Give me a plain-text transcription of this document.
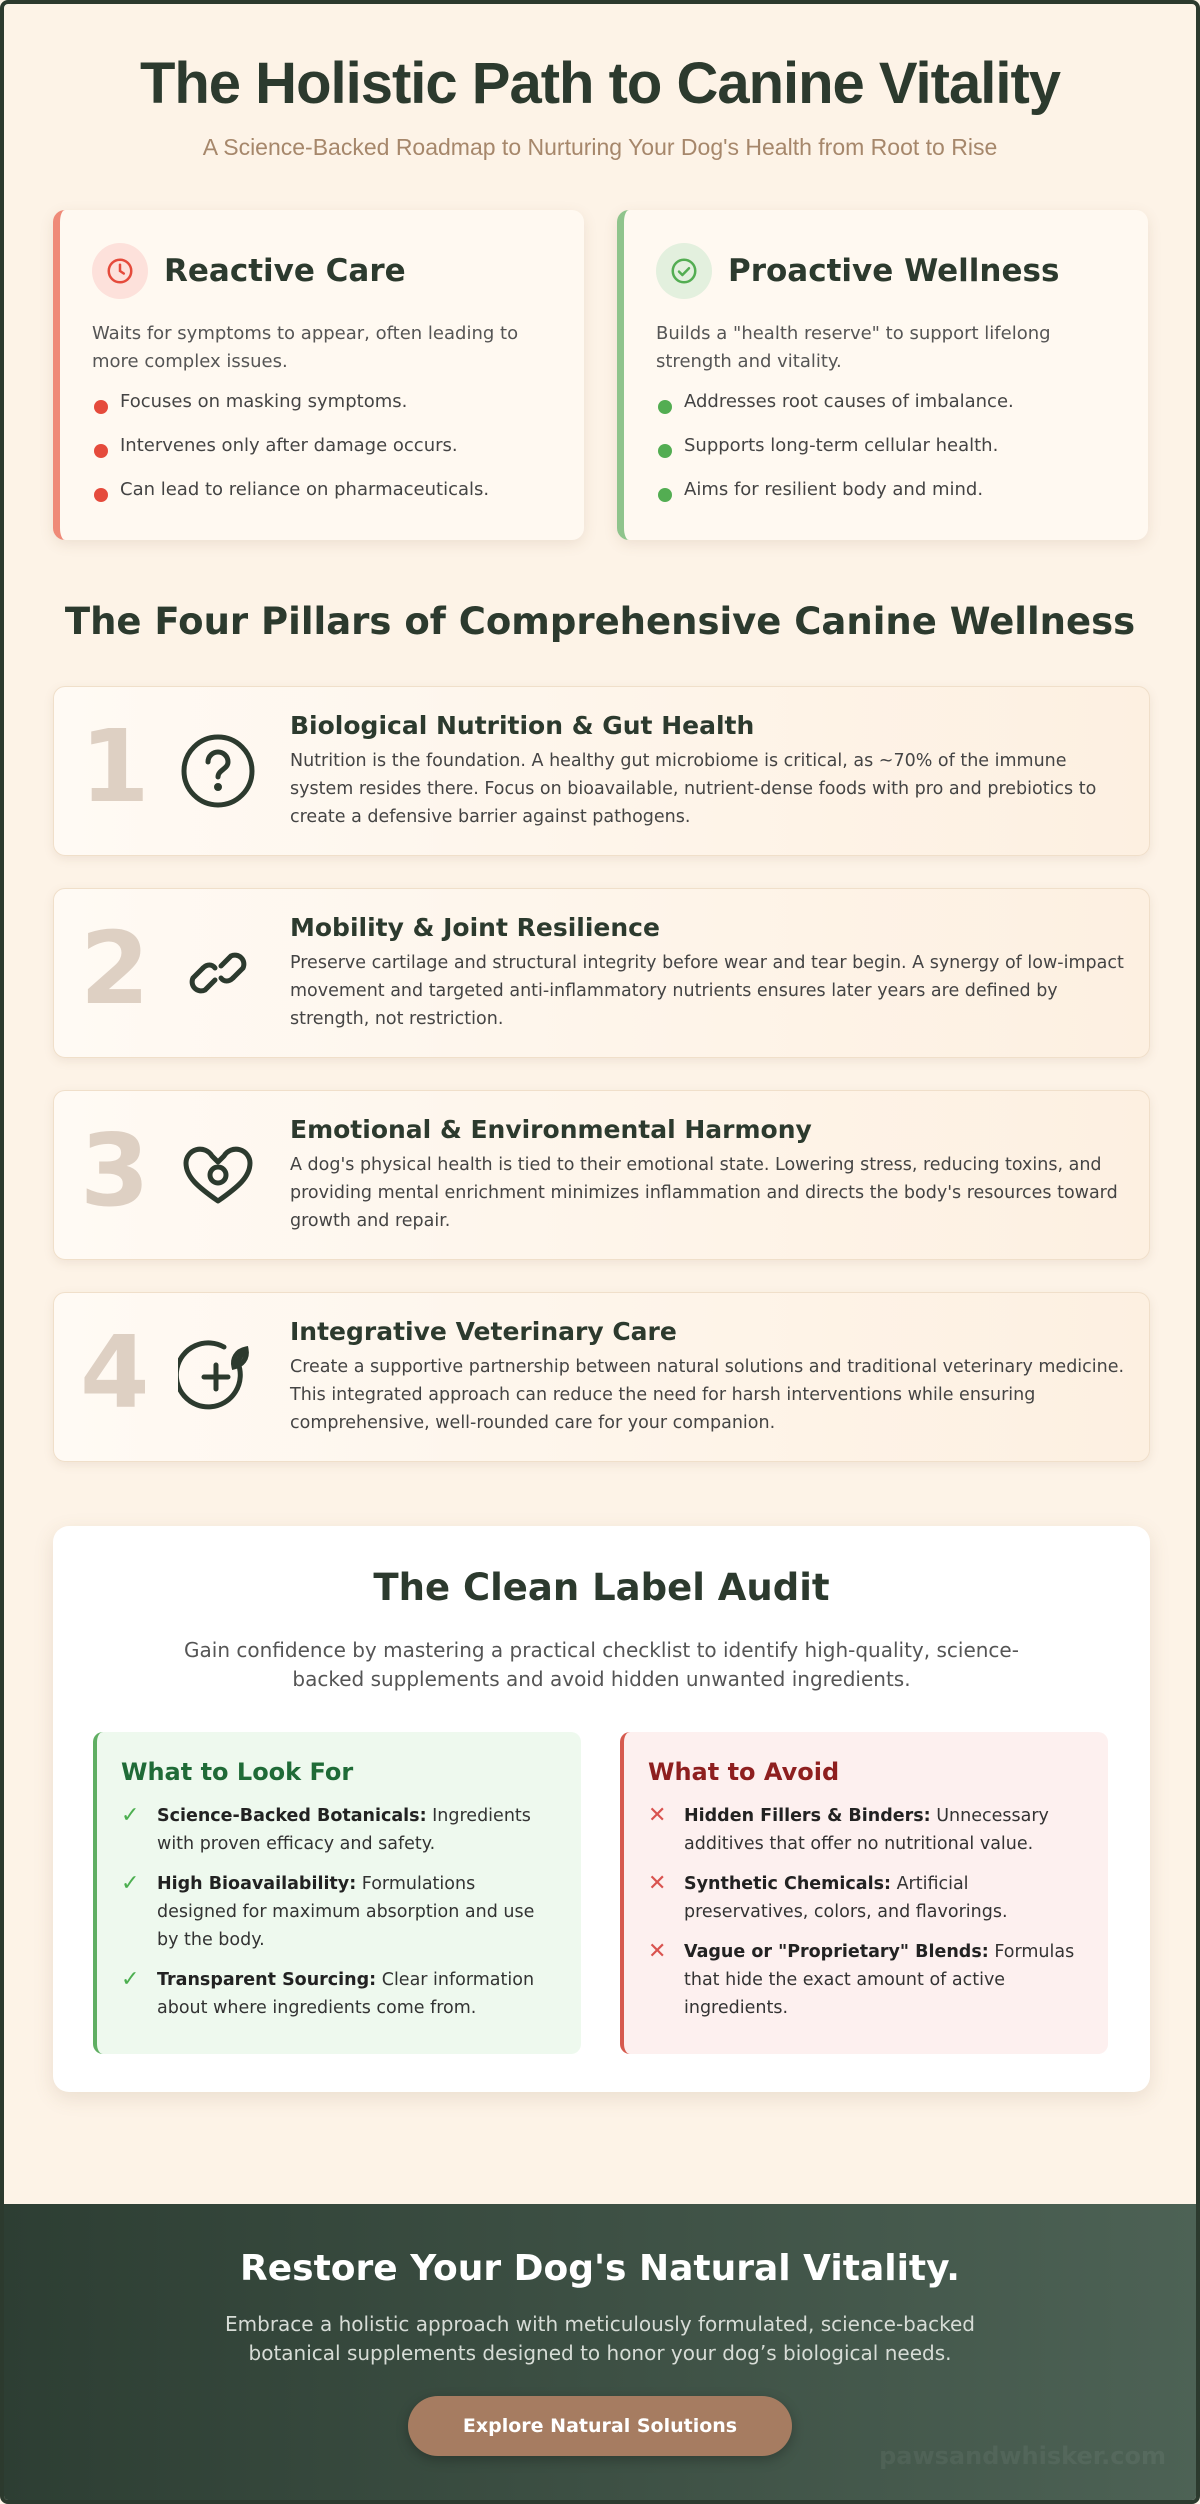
The Holistic Path to Canine Vitality

A Science-Backed Roadmap to Nurturing Your Dog's Health from Root to Rise

Reactive Care

Waits for symptoms to appear, often leading to more complex issues.

Focuses on masking symptoms.
Intervenes only after damage occurs.
Can lead to reliance on pharmaceuticals.
Proactive Wellness

Builds a "health reserve" to support lifelong strength and vitality.

Addresses root causes of imbalance.
Supports long-term cellular health.
Aims for resilient body and mind.
The Four Pillars of Comprehensive Canine Wellness
1	Biological Nutrition & Gut Health
Nutrition is the foundation. A healthy gut microbiome is critical, as ~70% of the immune system resides there. Focus on bioavailable, nutrient-dense foods with pro and prebiotics to create a defensive barrier against pathogens.
2	Mobility & Joint Resilience
Preserve cartilage and structural integrity before wear and tear begin. A synergy of low-impact movement and targeted anti-inflammatory nutrients ensures later years are defined by strength, not restriction.
3	Emotional & Environmental Harmony
A dog's physical health is tied to their emotional state. Lowering stress, reducing toxins, and providing mental enrichment minimizes inflammation and directs the body's resources toward growth and repair.
4	Integrative Veterinary Care
Create a supportive partnership between natural solutions and traditional veterinary medicine. This integrated approach can reduce the need for harsh interventions while ensuring comprehensive, well-rounded care for your companion.
The Clean Label Audit

Gain confidence by mastering a practical checklist to identify high-quality, science-backed supplements and avoid hidden unwanted ingredients.

What to Look For
✓	Science-Backed Botanicals: Ingredients with proven efficacy and safety.
✓	High Bioavailability: Formulations designed for maximum absorption and use by the body.
✓	Transparent Sourcing: Clear information about where ingredients come from.
What to Avoid
✕	Hidden Fillers & Binders: Unnecessary additives that offer no nutritional value.
✕	Synthetic Chemicals: Artificial preservatives, colors, and flavorings.
✕	Vague or "Proprietary" Blends: Formulas that hide the exact amount of active ingredients.
Restore Your Dog's Natural Vitality.

Embrace a holistic approach with meticulously formulated, science-backed botanical supplements designed to honor your dog’s biological needs.

Explore Natural Solutions
pawsandwhisker.com
